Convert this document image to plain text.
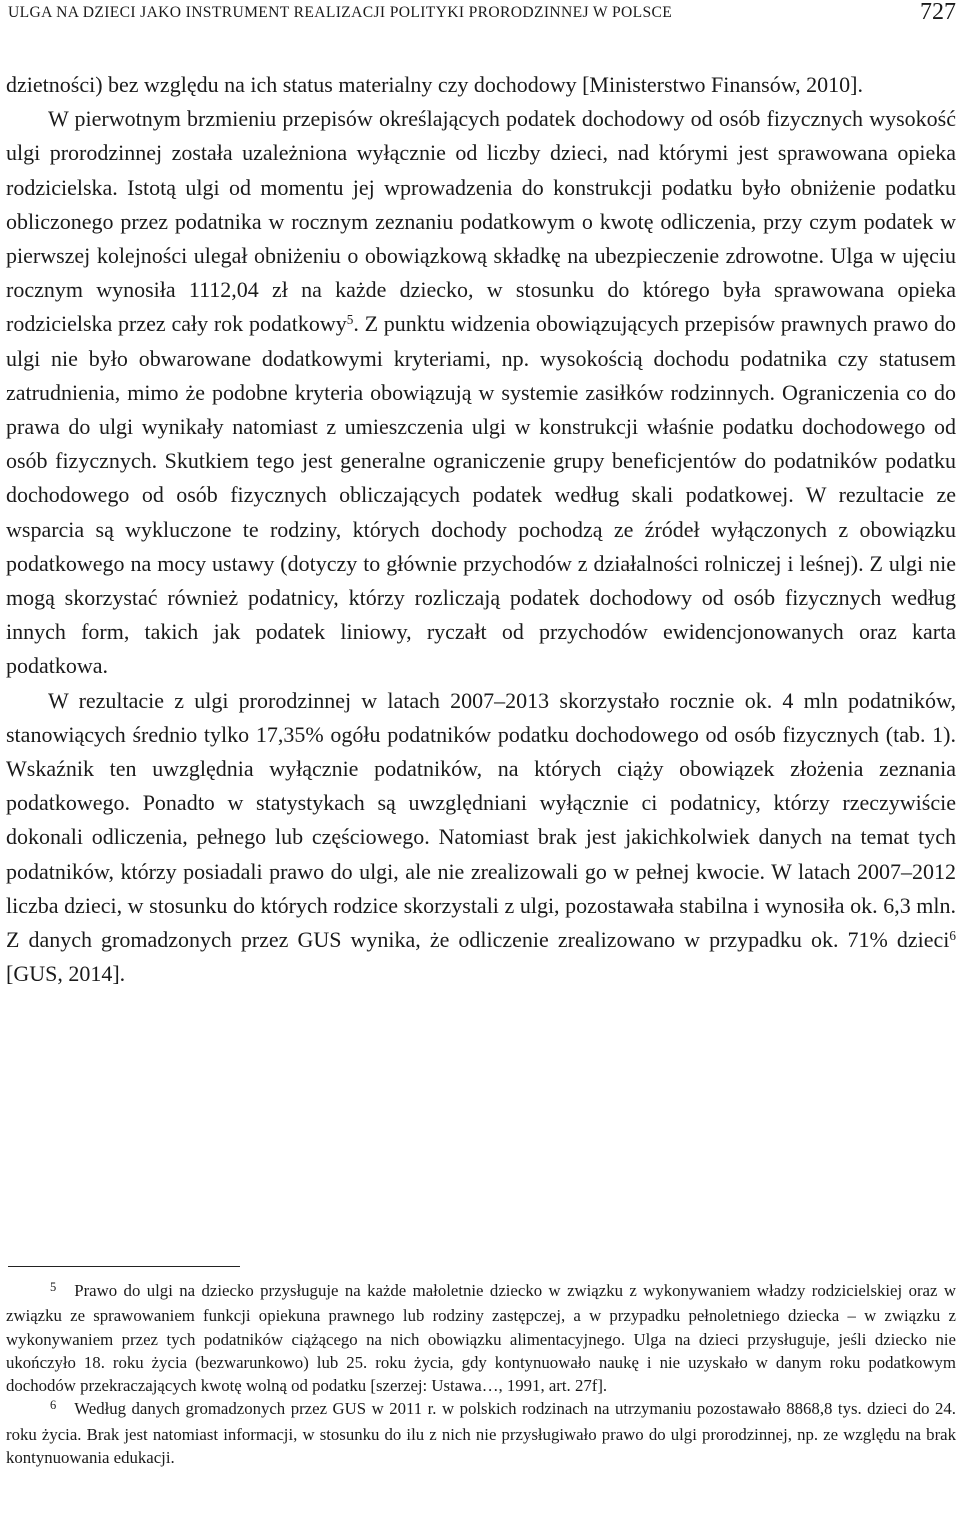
ULGA NA DZIECI JAKO INSTRUMENT REALIZACJI POLITYKI PRORODZINNEJ W POLSCE	727

dzietności) bez względu na ich status materialny czy dochodowy [Ministerstwo Finansów, 2010].

W pierwotnym brzmieniu przepisów określających podatek dochodowy od osób fizycznych wysokość ulgi prorodzinnej została uzależniona wyłącznie od liczby dzieci, nad którymi jest sprawowana opieka rodzicielska. Istotą ulgi od momentu jej wprowadzenia do konstrukcji podatku było obniżenie podatku obliczonego przez podatnika w rocznym zeznaniu podatkowym o kwotę odliczenia, przy czym podatek w pierwszej kolejności ulegał obniżeniu o obowiązkową składkę na ubezpieczenie zdrowotne. Ulga w ujęciu rocznym wynosiła 1112,04 zł na każde dziecko, w stosunku do którego była sprawowana opieka rodzicielska przez cały rok podatkowy$^5$. Z punktu widzenia obowiązujących przepisów prawnych prawo do ulgi nie było obwarowane dodatkowymi kryteriami, np. wysokością dochodu podatnika czy statusem zatrudnienia, mimo że podobne kryteria obowiązują w systemie zasiłków rodzinnych. Ograniczenia co do prawa do ulgi wynikały natomiast z umieszczenia ulgi w konstrukcji właśnie podatku dochodowego od osób fizycznych. Skutkiem tego jest generalne ograniczenie grupy beneficjentów do podatników podatku dochodowego od osób fizycznych obliczających podatek według skali podatkowej. W rezultacie ze wsparcia są wykluczone te rodziny, których dochody pochodzą ze źródeł wyłączonych z obowiązku podatkowego na mocy ustawy (dotyczy to głównie przychodów z działalności rolniczej i leśnej). Z ulgi nie mogą skorzystać również podatnicy, którzy rozliczają podatek dochodowy od osób fizycznych według innych form, takich jak podatek liniowy, ryczałt od przychodów ewidencjonowanych oraz karta podatkowa.

W rezultacie z ulgi prorodzinnej w latach 2007–2013 skorzystało rocznie ok. 4 mln podatników, stanowiących średnio tylko 17,35% ogółu podatników podatku dochodowego od osób fizycznych (tab. 1). Wskaźnik ten uwzględnia wyłącznie podatników, na których ciąży obowiązek złożenia zeznania podatkowego. Ponadto w statystykach są uwzględniani wyłącznie ci podatnicy, którzy rzeczywiście dokonali odliczenia, pełnego lub częściowego. Natomiast brak jest jakichkolwiek danych na temat tych podatników, którzy posiadali prawo do ulgi, ale nie zrealizowali go w pełnej kwocie. W latach 2007–2012 liczba dzieci, w stosunku do których rodzice skorzystali z ulgi, pozostawała stabilna i wynosiła ok. 6,3 mln. Z danych gromadzonych przez GUS wynika, że odliczenie zrealizowano w przypadku ok. 71% dzieci$^6$ [GUS, 2014].

$^5$ Prawo do ulgi na dziecko przysługuje na każde małoletnie dziecko w związku z wykonywaniem władzy rodzicielskiej oraz w związku ze sprawowaniem funkcji opiekuna prawnego lub rodziny zastępczej, a w przypadku pełnoletniego dziecka – w związku z wykonywaniem przez tych podatników ciążącego na nich obowiązku alimentacyjnego. Ulga na dzieci przysługuje, jeśli dziecko nie ukończyło 18. roku życia (bezwarunkowo) lub 25. roku życia, gdy kontynuowało naukę i nie uzyskało w danym roku podatkowym dochodów przekraczających kwotę wolną od podatku [szerzej: Ustawa…, 1991, art. 27f].

$^6$ Według danych gromadzonych przez GUS w 2011 r. w polskich rodzinach na utrzymaniu pozostawało 8868,8 tys. dzieci do 24. roku życia. Brak jest natomiast informacji, w stosunku do ilu z nich nie przysługiwało prawo do ulgi prorodzinnej, np. ze względu na brak kontynuowania edukacji.
